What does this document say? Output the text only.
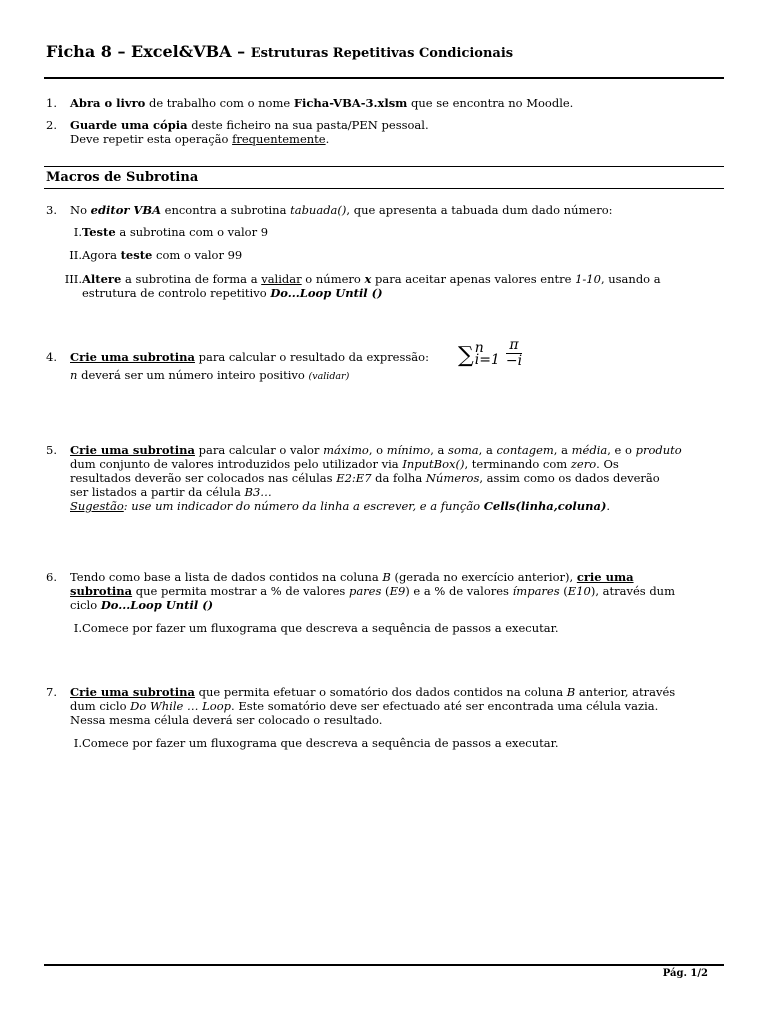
Ficha 8 – Excel&VBA – Estruturas Repetitivas Condicionais
1.	Abra o livro de trabalho com o nome Ficha-VBA-3.xlsm que se encontra no Moodle.
2.	Guarde uma cópia deste ficheiro na sua pasta/PEN pessoal.
Deve repetir esta operação frequentemente.
Macros de Subrotina
3.	No editor VBA encontra a subrotina tabuada(), que apresenta a tabuada dum dado número:
I.Teste a subrotina com o valor 9
II.Agora teste com o valor 99
III.Altere a subrotina de forma a validar o número x para aceitar apenas valores entre 1-10, usando a
estrutura de controlo repetitivo Do...Loop Until ()
4.	Crie uma subrotina para calcular o resultado da expressão:
n deverá ser um número inteiro positivo (validar)
∑ n
$i=1 \frac{\pi}{-i}$
5.	Crie uma subrotina para calcular o valor máximo, o mínimo, a soma, a contagem, a média, e o produto
dum conjunto de valores introduzidos pelo utilizador via InputBox(), terminando com zero. Os
resultados deverão ser colocados nas células E2:E7 da folha Números, assim como os dados deverão
ser listados a partir da célula B3…
Sugestão: use um indicador do número da linha a escrever, e a função Cells(linha,coluna).
6.	Tendo como base a lista de dados contidos na coluna B (gerada no exercício anterior), crie uma
subrotina que permita mostrar a % de valores pares (E9) e a % de valores ímpares (E10), através dum
ciclo Do...Loop Until ()
I.Comece por fazer um fluxograma que descreva a sequência de passos a executar.
7.	Crie uma subrotina que permita efetuar o somatório dos dados contidos na coluna B anterior, através
dum ciclo Do While … Loop. Este somatório deve ser efectuado até ser encontrada uma célula vazia.
Nessa mesma célula deverá ser colocado o resultado.
I.Comece por fazer um fluxograma que descreva a sequência de passos a executar.
Pág. 1/2
